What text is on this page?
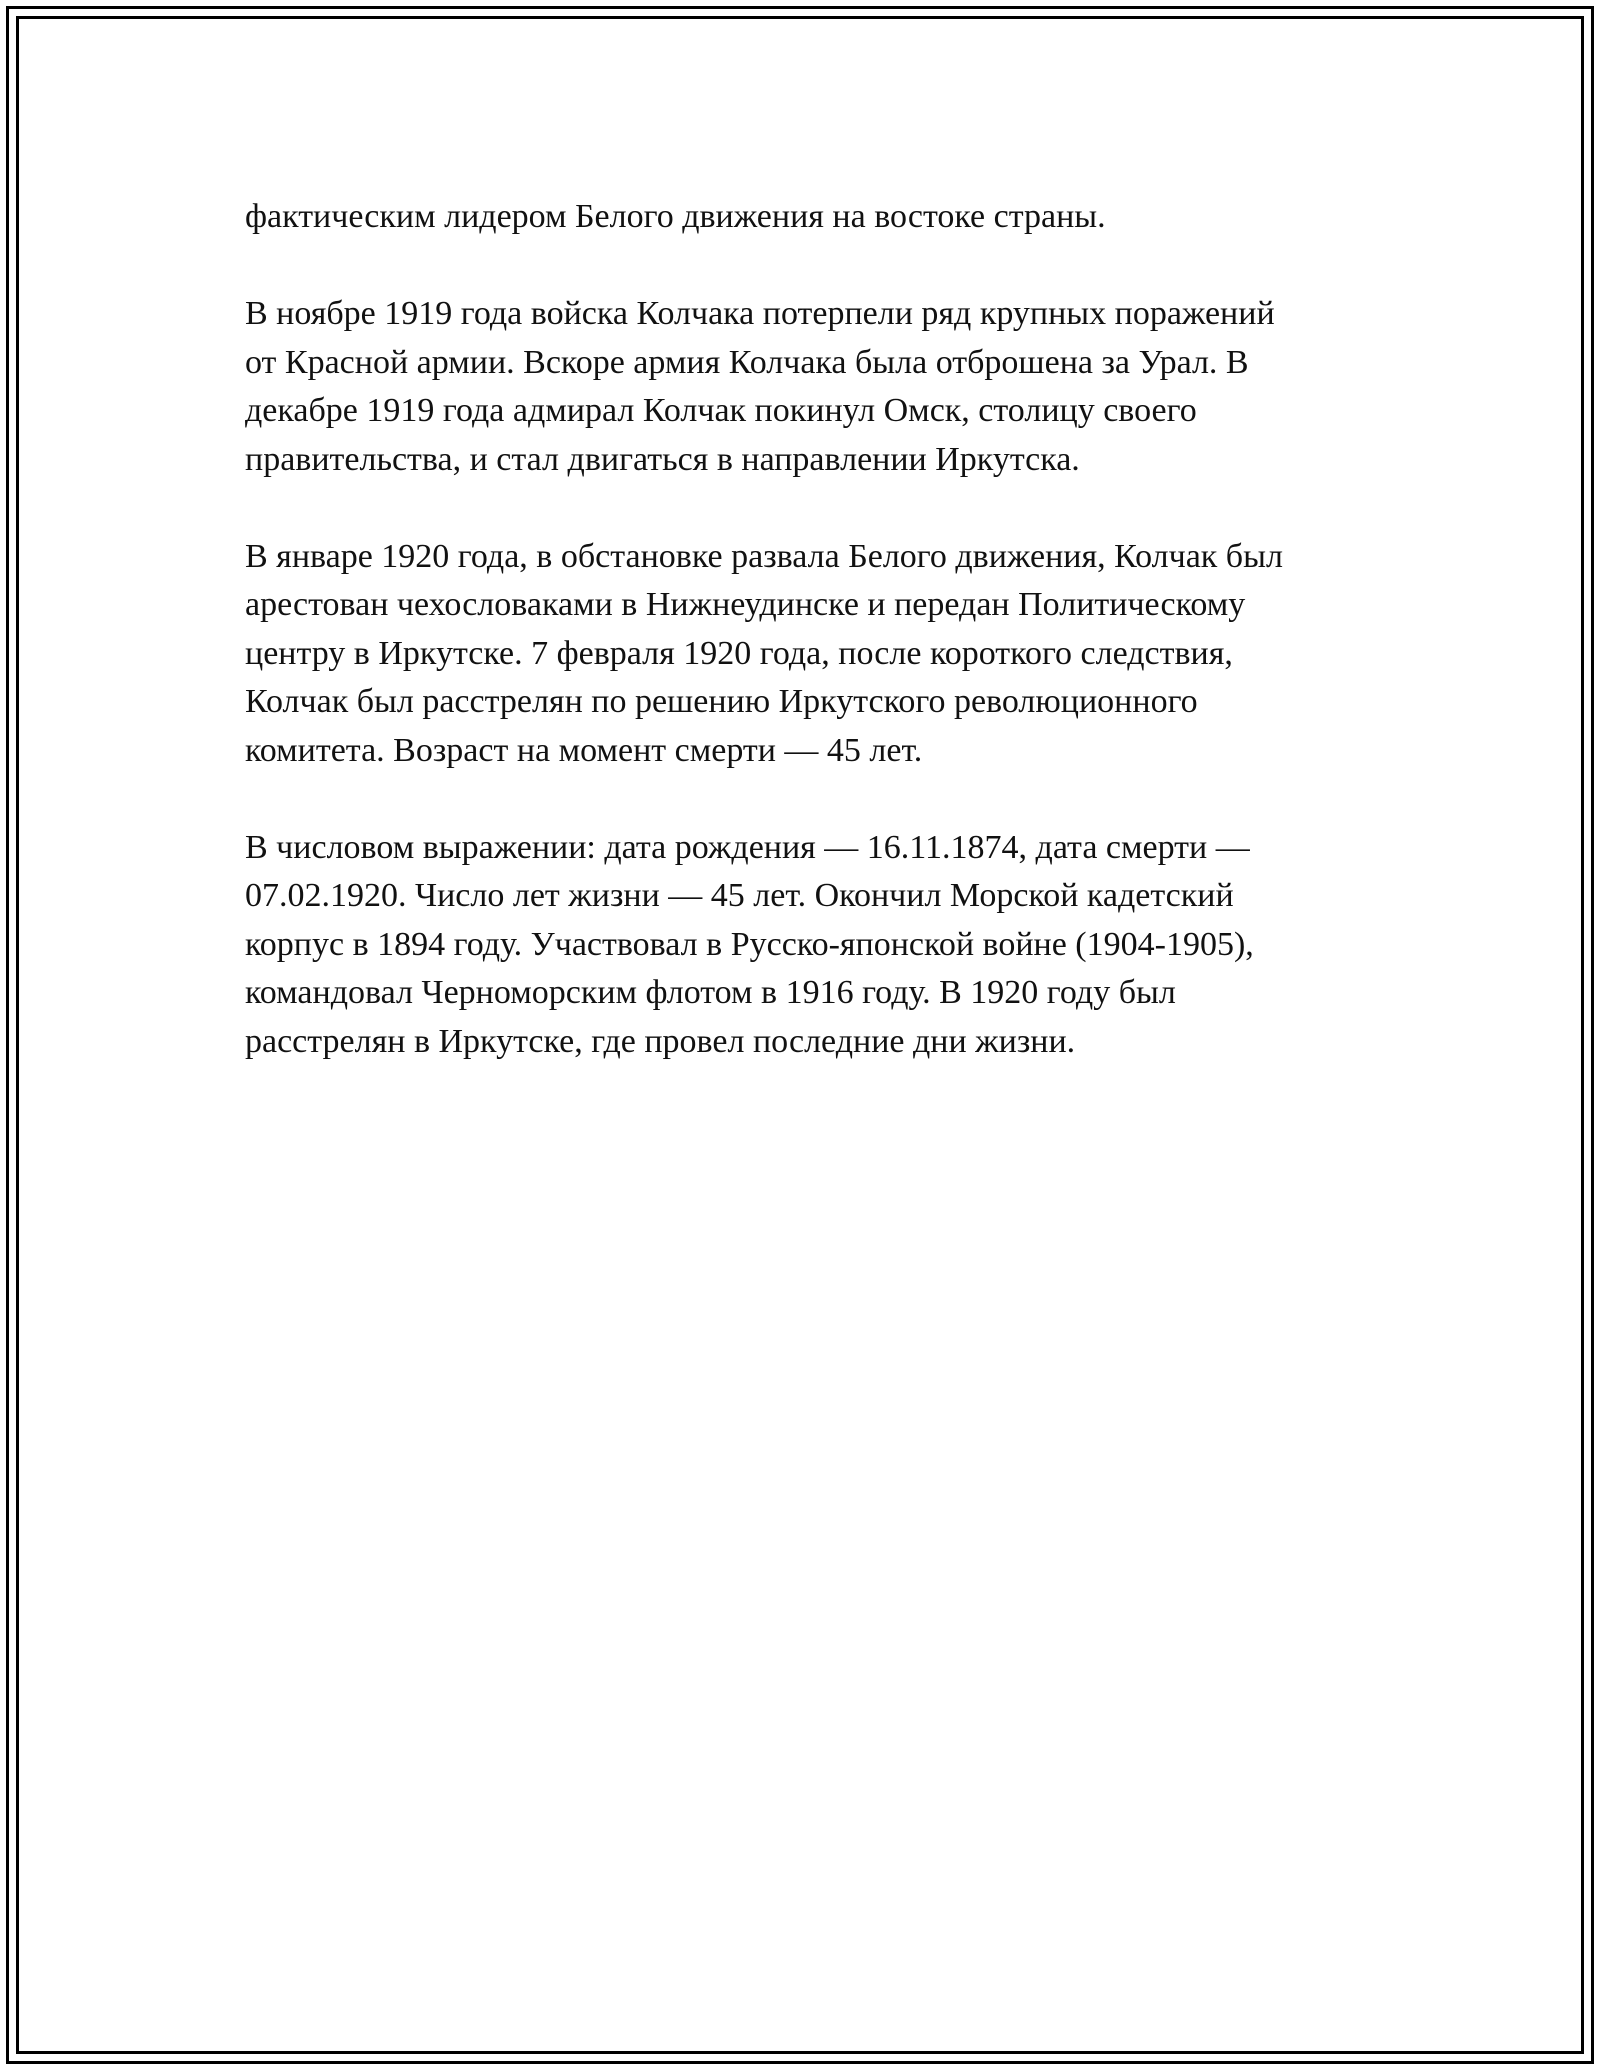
фактическим лидером Белого движения на востоке страны.

В ноябре 1919 года войска Колчака потерпели ряд крупных поражений
от Красной армии. Вскоре армия Колчака была отброшена за Урал. В
декабре 1919 года адмирал Колчак покинул Омск, столицу своего
правительства, и стал двигаться в направлении Иркутска.

В январе 1920 года, в обстановке развала Белого движения, Колчак был
арестован чехословаками в Нижнеудинске и передан Политическому
центру в Иркутске. 7 февраля 1920 года, после короткого следствия,
Колчак был расстрелян по решению Иркутского революционного
комитета. Возраст на момент смерти — 45 лет.

В числовом выражении: дата рождения — 16.11.1874, дата смерти —
07.02.1920. Число лет жизни — 45 лет. Окончил Морской кадетский
корпус в 1894 году. Участвовал в Русско-японской войне (1904-1905),
командовал Черноморским флотом в 1916 году. В 1920 году был
расстрелян в Иркутске, где провел последние дни жизни.
